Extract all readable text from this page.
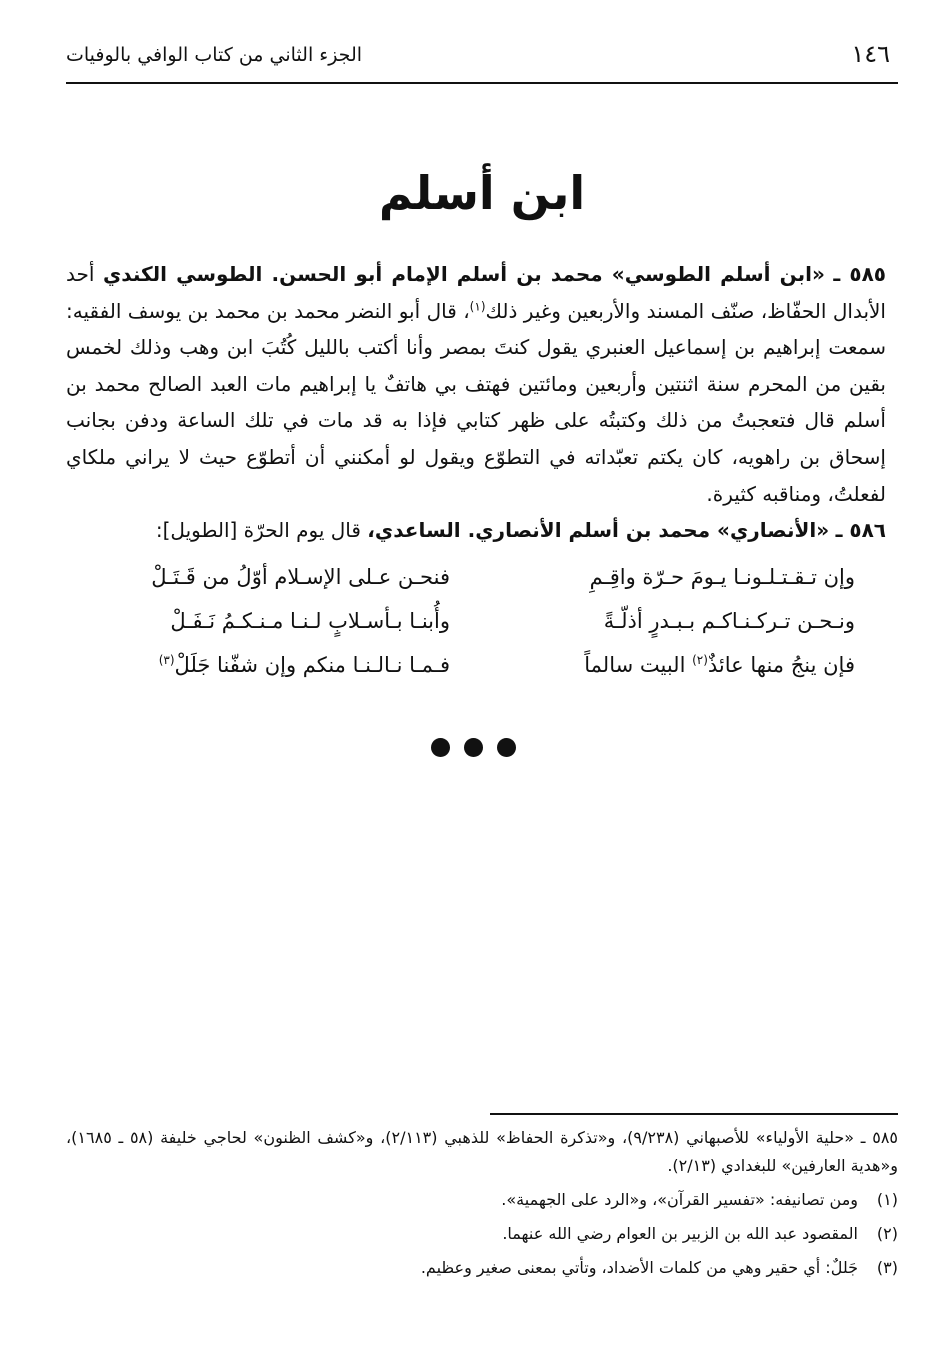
١٤٦
الجزء الثاني من كتاب الوافي بالوفيات
ابن أسلم

٥٨٥ ـ «ابن أسلم الطوسي» محمد بن أسلم الإمام أبو الحسن. الطوسي الكندي أحد الأبدال الحفّاظ، صنّف المسند والأربعين وغير ذلك$^{(١)}$، قال أبو النضر محمد بن محمد بن يوسف الفقيه: سمعت إبراهيم بن إسماعيل العنبري يقول كنتَ بمصر وأنا أكتب بالليل كُتُبَ ابن وهب وذلك لخمس بقين من المحرم سنة اثنتين وأربعين ومائتين فهتف بي هاتفٌ يا إبراهيم مات العبد الصالح محمد بن أسلم قال فتعجبتُ من ذلك وكتبتُه على ظهر كتابي فإذا به قد مات في تلك الساعة ودفن بجانب إسحاق بن راهويه، كان يكتم تعبّداته في التطوّع ويقول لو أمكنني أن أتطوّع حيث لا يراني ملكاي لفعلتُ، ومناقبه كثيرة.

٥٨٦ ـ «الأنصاري» محمد بن أسلم الأنصاري. الساعدي، قال يوم الحرّة [الطويل]:

وإن تـقـتـلـونـا يـومَ حـرّة واقِـمِ
فنحـن عـلى الإسـلام أوّلُ من قَـتَـلْ
ونـحـن تـركـنـاكـم بـبـدرٍ أذلّـةً
وأُبنـا بـأسـلابٍ لـنـا مـنـكـمُ نَـفَـلْ
فإن ينجُ منها عائذٌ$^{(٢)}$ البيت سالماً
فـمـا نـالـنـا منكم وإن شفّنا جَلَلْ$^{(٣)}$

٥٨٥ ـ «حلية الأولياء» للأصبهاني (٩/٢٣٨)، و«تذكرة الحفاظ» للذهبي (٢/١١٣)، و«كشف الظنون» لحاجي خليفة (٥٨ ـ ١٦٨٥)، و«هدية العارفين» للبغدادي (٢/١٣).
(١)
ومن تصانيفه: «تفسير القرآن»، و«الرد على الجهمية».
(٢)
المقصود عبد الله بن الزبير بن العوام رضي الله عنهما.
(٣)
جَللٌ: أي حقير وهي من كلمات الأضداد، وتأتي بمعنى صغير وعظيم.
